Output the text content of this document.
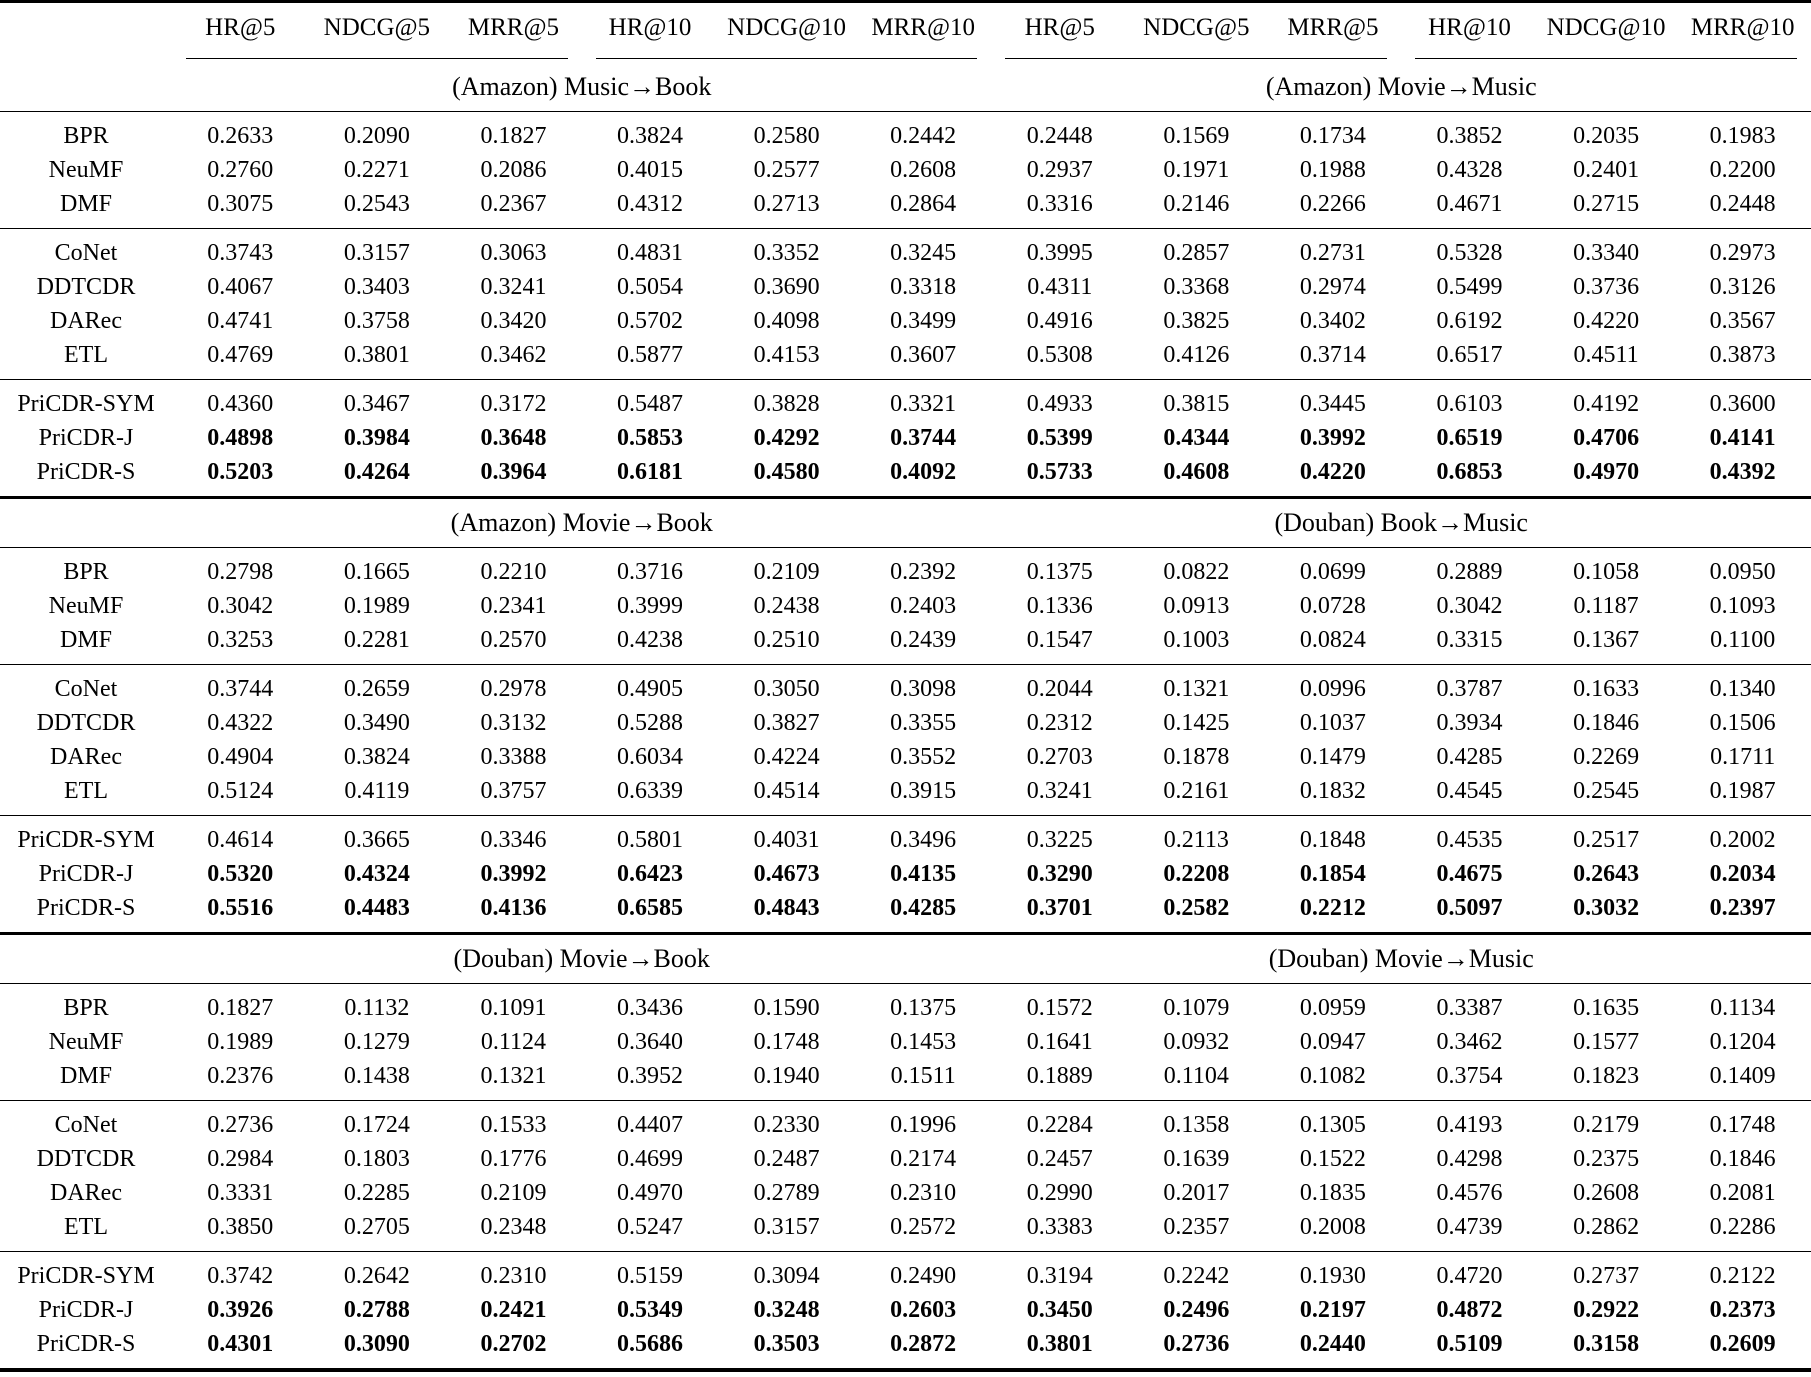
	HR@5	NDCG@5	MRR@5	HR@10	NDCG@10	MRR@10	HR@5	NDCG@5	MRR@5	HR@10	NDCG@10	MRR@10

	(Amazon) Music→Book						(Amazon) Movie→Music					
BPR	0.2633	0.2090	0.1827	0.3824	0.2580	0.2442	0.2448	0.1569	0.1734	0.3852	0.2035	0.1983
NeuMF	0.2760	0.2271	0.2086	0.4015	0.2577	0.2608	0.2937	0.1971	0.1988	0.4328	0.2401	0.2200
DMF	0.3075	0.2543	0.2367	0.4312	0.2713	0.2864	0.3316	0.2146	0.2266	0.4671	0.2715	0.2448
CoNet	0.3743	0.3157	0.3063	0.4831	0.3352	0.3245	0.3995	0.2857	0.2731	0.5328	0.3340	0.2973
DDTCDR	0.4067	0.3403	0.3241	0.5054	0.3690	0.3318	0.4311	0.3368	0.2974	0.5499	0.3736	0.3126
DARec	0.4741	0.3758	0.3420	0.5702	0.4098	0.3499	0.4916	0.3825	0.3402	0.6192	0.4220	0.3567
ETL	0.4769	0.3801	0.3462	0.5877	0.4153	0.3607	0.5308	0.4126	0.3714	0.6517	0.4511	0.3873
PriCDR-SYM	0.4360	0.3467	0.3172	0.5487	0.3828	0.3321	0.4933	0.3815	0.3445	0.6103	0.4192	0.3600
PriCDR-J	0.4898	0.3984	0.3648	0.5853	0.4292	0.3744	0.5399	0.4344	0.3992	0.6519	0.4706	0.4141
PriCDR-S	0.5203	0.4264	0.3964	0.6181	0.4580	0.4092	0.5733	0.4608	0.4220	0.6853	0.4970	0.4392
	(Amazon) Movie→Book						(Douban) Book→Music					
BPR	0.2798	0.1665	0.2210	0.3716	0.2109	0.2392	0.1375	0.0822	0.0699	0.2889	0.1058	0.0950
NeuMF	0.3042	0.1989	0.2341	0.3999	0.2438	0.2403	0.1336	0.0913	0.0728	0.3042	0.1187	0.1093
DMF	0.3253	0.2281	0.2570	0.4238	0.2510	0.2439	0.1547	0.1003	0.0824	0.3315	0.1367	0.1100
CoNet	0.3744	0.2659	0.2978	0.4905	0.3050	0.3098	0.2044	0.1321	0.0996	0.3787	0.1633	0.1340
DDTCDR	0.4322	0.3490	0.3132	0.5288	0.3827	0.3355	0.2312	0.1425	0.1037	0.3934	0.1846	0.1506
DARec	0.4904	0.3824	0.3388	0.6034	0.4224	0.3552	0.2703	0.1878	0.1479	0.4285	0.2269	0.1711
ETL	0.5124	0.4119	0.3757	0.6339	0.4514	0.3915	0.3241	0.2161	0.1832	0.4545	0.2545	0.1987
PriCDR-SYM	0.4614	0.3665	0.3346	0.5801	0.4031	0.3496	0.3225	0.2113	0.1848	0.4535	0.2517	0.2002
PriCDR-J	0.5320	0.4324	0.3992	0.6423	0.4673	0.4135	0.3290	0.2208	0.1854	0.4675	0.2643	0.2034
PriCDR-S	0.5516	0.4483	0.4136	0.6585	0.4843	0.4285	0.3701	0.2582	0.2212	0.5097	0.3032	0.2397
	(Douban) Movie→Book						(Douban) Movie→Music					
BPR	0.1827	0.1132	0.1091	0.3436	0.1590	0.1375	0.1572	0.1079	0.0959	0.3387	0.1635	0.1134
NeuMF	0.1989	0.1279	0.1124	0.3640	0.1748	0.1453	0.1641	0.0932	0.0947	0.3462	0.1577	0.1204
DMF	0.2376	0.1438	0.1321	0.3952	0.1940	0.1511	0.1889	0.1104	0.1082	0.3754	0.1823	0.1409
CoNet	0.2736	0.1724	0.1533	0.4407	0.2330	0.1996	0.2284	0.1358	0.1305	0.4193	0.2179	0.1748
DDTCDR	0.2984	0.1803	0.1776	0.4699	0.2487	0.2174	0.2457	0.1639	0.1522	0.4298	0.2375	0.1846
DARec	0.3331	0.2285	0.2109	0.4970	0.2789	0.2310	0.2990	0.2017	0.1835	0.4576	0.2608	0.2081
ETL	0.3850	0.2705	0.2348	0.5247	0.3157	0.2572	0.3383	0.2357	0.2008	0.4739	0.2862	0.2286
PriCDR-SYM	0.3742	0.2642	0.2310	0.5159	0.3094	0.2490	0.3194	0.2242	0.1930	0.4720	0.2737	0.2122
PriCDR-J	0.3926	0.2788	0.2421	0.5349	0.3248	0.2603	0.3450	0.2496	0.2197	0.4872	0.2922	0.2373
PriCDR-S	0.4301	0.3090	0.2702	0.5686	0.3503	0.2872	0.3801	0.2736	0.2440	0.5109	0.3158	0.2609
